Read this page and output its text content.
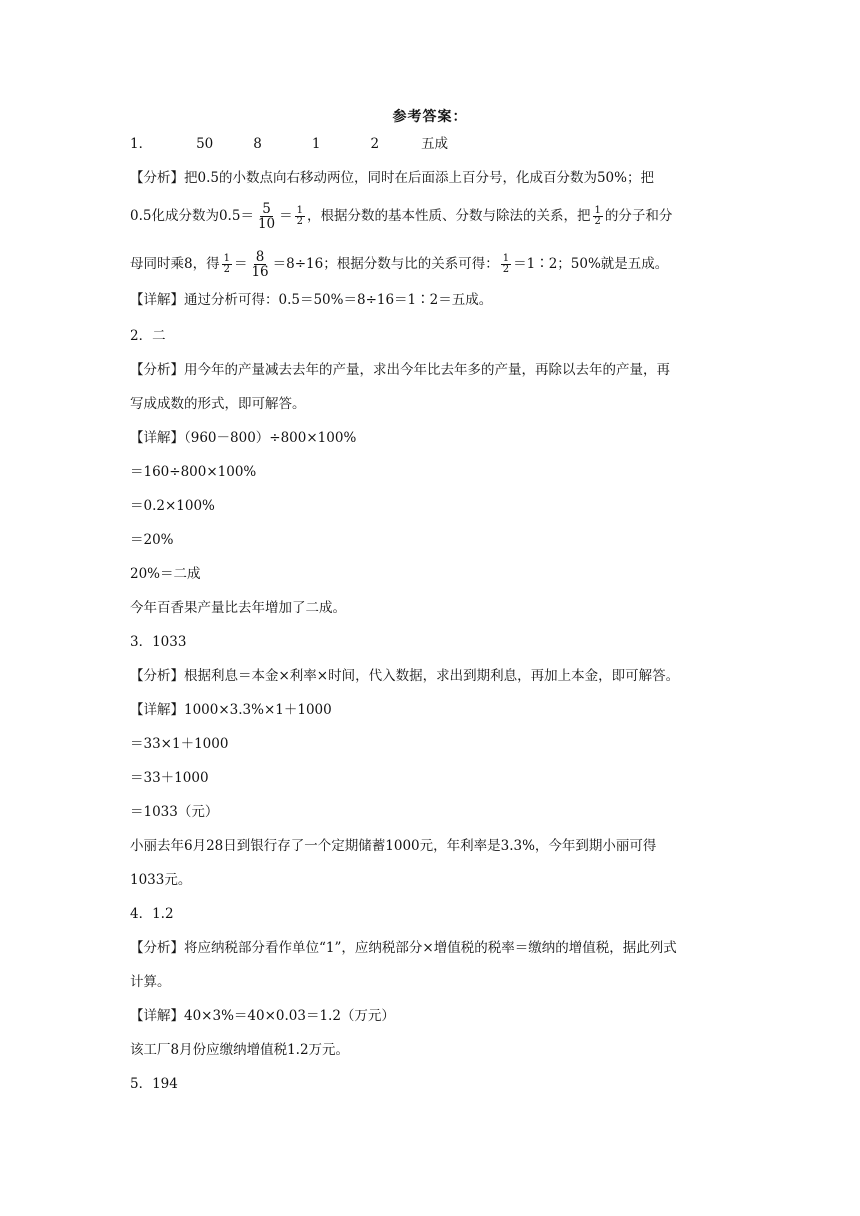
参考答案：
1．	50	8	1	2	五成
【分析】把0.5的小数点向右移动两位，同时在后面添上百分号，化成百分数为50%；把
0.5化成分数为$0.5= \frac{5}{10} = \frac{1}{2}$ ，根据分数的基本性质、分数与除法的关系，把 $\frac{1}{2}$ 的分子和分
母同时乘8，得 $\frac{1}{2} = \frac{8}{16} =8\div 16$；根据分数与比的关系可得： $\frac{1}{2}$ ＝1∶2；50%就是五成。
【详解】通过分析可得：0.5＝50%＝8÷16＝1∶2＝五成。
2．二
【分析】用今年的产量减去去年的产量，求出今年比去年多的产量，再除以去年的产量，再
写成成数的形式，即可解答。
【详解】（960－800）÷800×100%
＝160÷800×100%
＝0.2×100%
＝20%
20%＝二成
今年百香果产量比去年增加了二成。
3．1033
【分析】根据利息＝本金×利率×时间，代入数据，求出到期利息，再加上本金，即可解答。
【详解】1000×3.3%×1＋1000
＝33×1＋1000
＝33＋1000
＝1033（元）
小丽去年6月28日到银行存了一个定期储蓄1000元，年利率是3.3%，今年到期小丽可得
1033元。
4．1.2
【分析】将应纳税部分看作单位“1”，应纳税部分×增值税的税率＝缴纳的增值税，据此列式
计算。
【详解】40×3%＝40×0.03＝1.2（万元）
该工厂8月份应缴纳增值税1.2万元。
5．194
